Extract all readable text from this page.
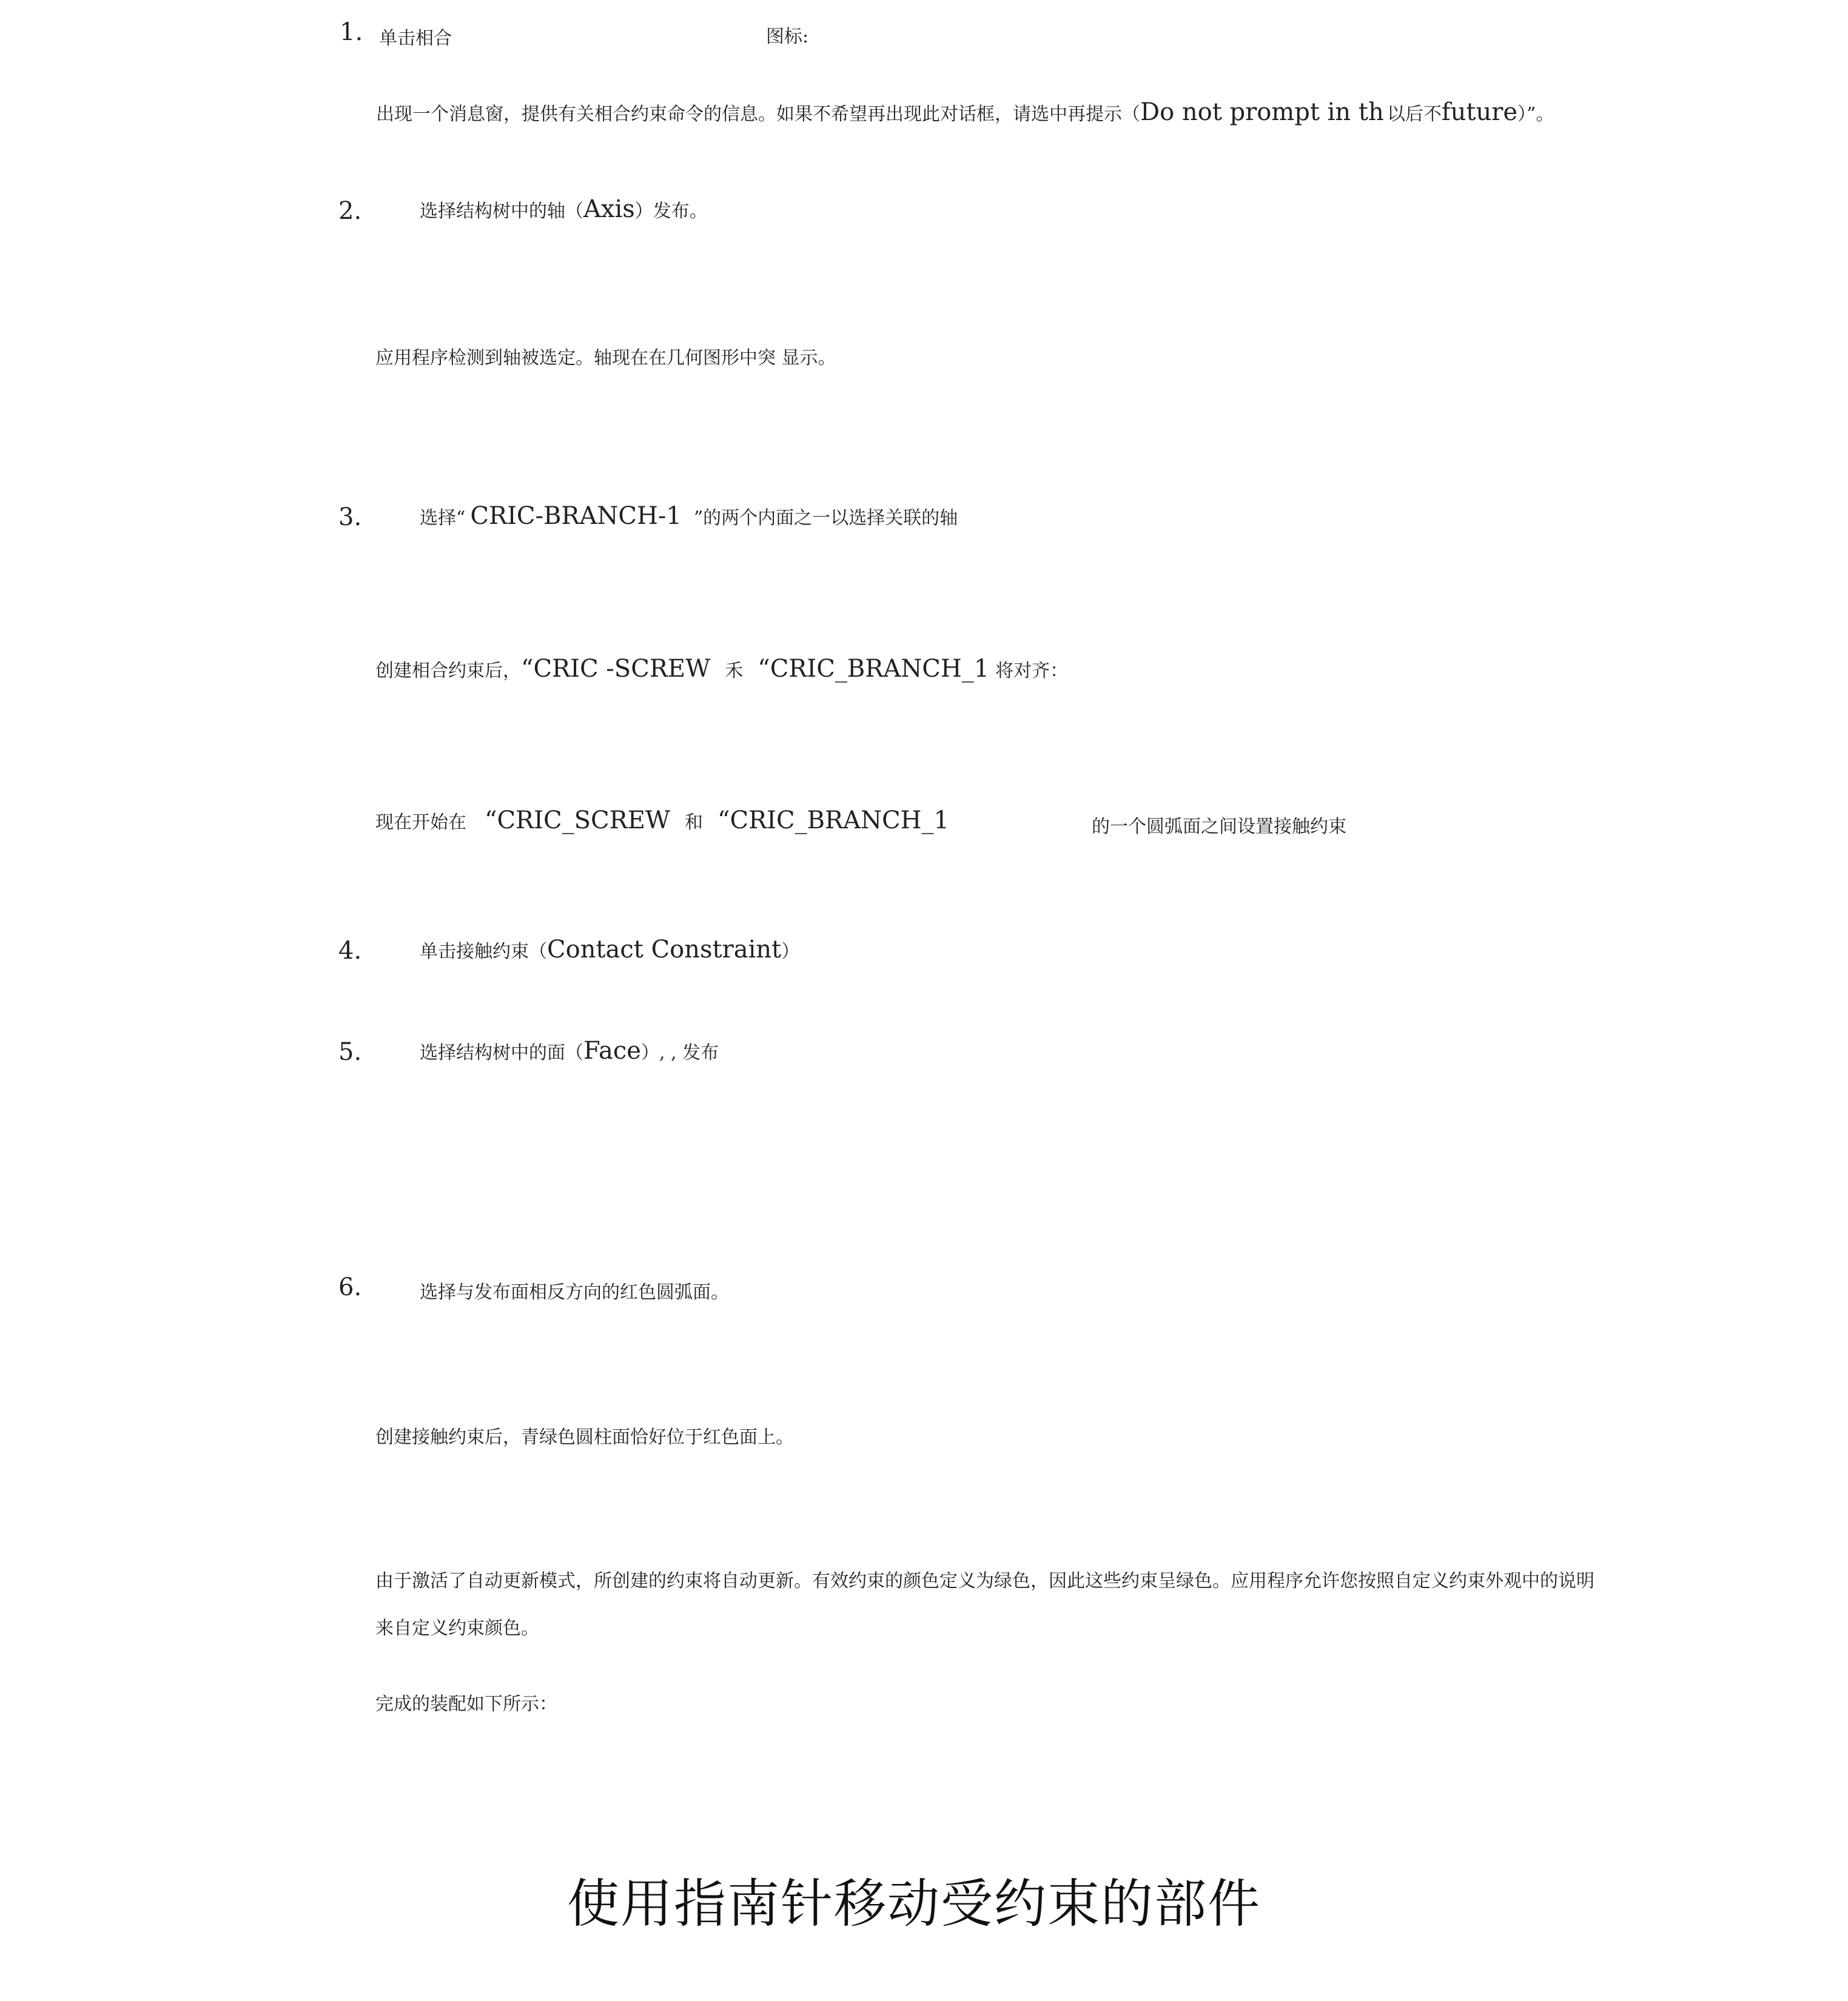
1. 单击相合	图标:
出现一个消息窗，提供有关相合约束命令的信息。如果不希望再出现此对话框，请选中再提示（Do not prompt in th 以后不future）”。
2.	选择结构树中的轴（Axis）发布。
应用程序检测到轴被选定。轴现在在几何图形中突 显示。
3.	选择“ CRIC-BRANCH-1 ”的两个内面之一以选择关联的轴
创建相合约束后，“CRIC -SCREW 禾 “CRIC_BRANCH_1 将对齐：
现在开始在 “CRIC_SCREW 和 “CRIC_BRANCH_1	的一个圆弧面之间设置接触约束
4.	单击接触约束（Contact Constraint）
5.	选择结构树中的面（Face）, , 发布
6.	选择与发布面相反方向的红色圆弧面。
创建接触约束后，青绿色圆柱面恰好位于红色面上。
由于激活了自动更新模式，所创建的约束将自动更新。有效约束的颜色定义为绿色，因此这些约束呈绿色。应用程序允许您按照自定义约束外观中的说明
来自定义约束颜色。
完成的装配如下所示：
使用指南针移动受约束的部件
